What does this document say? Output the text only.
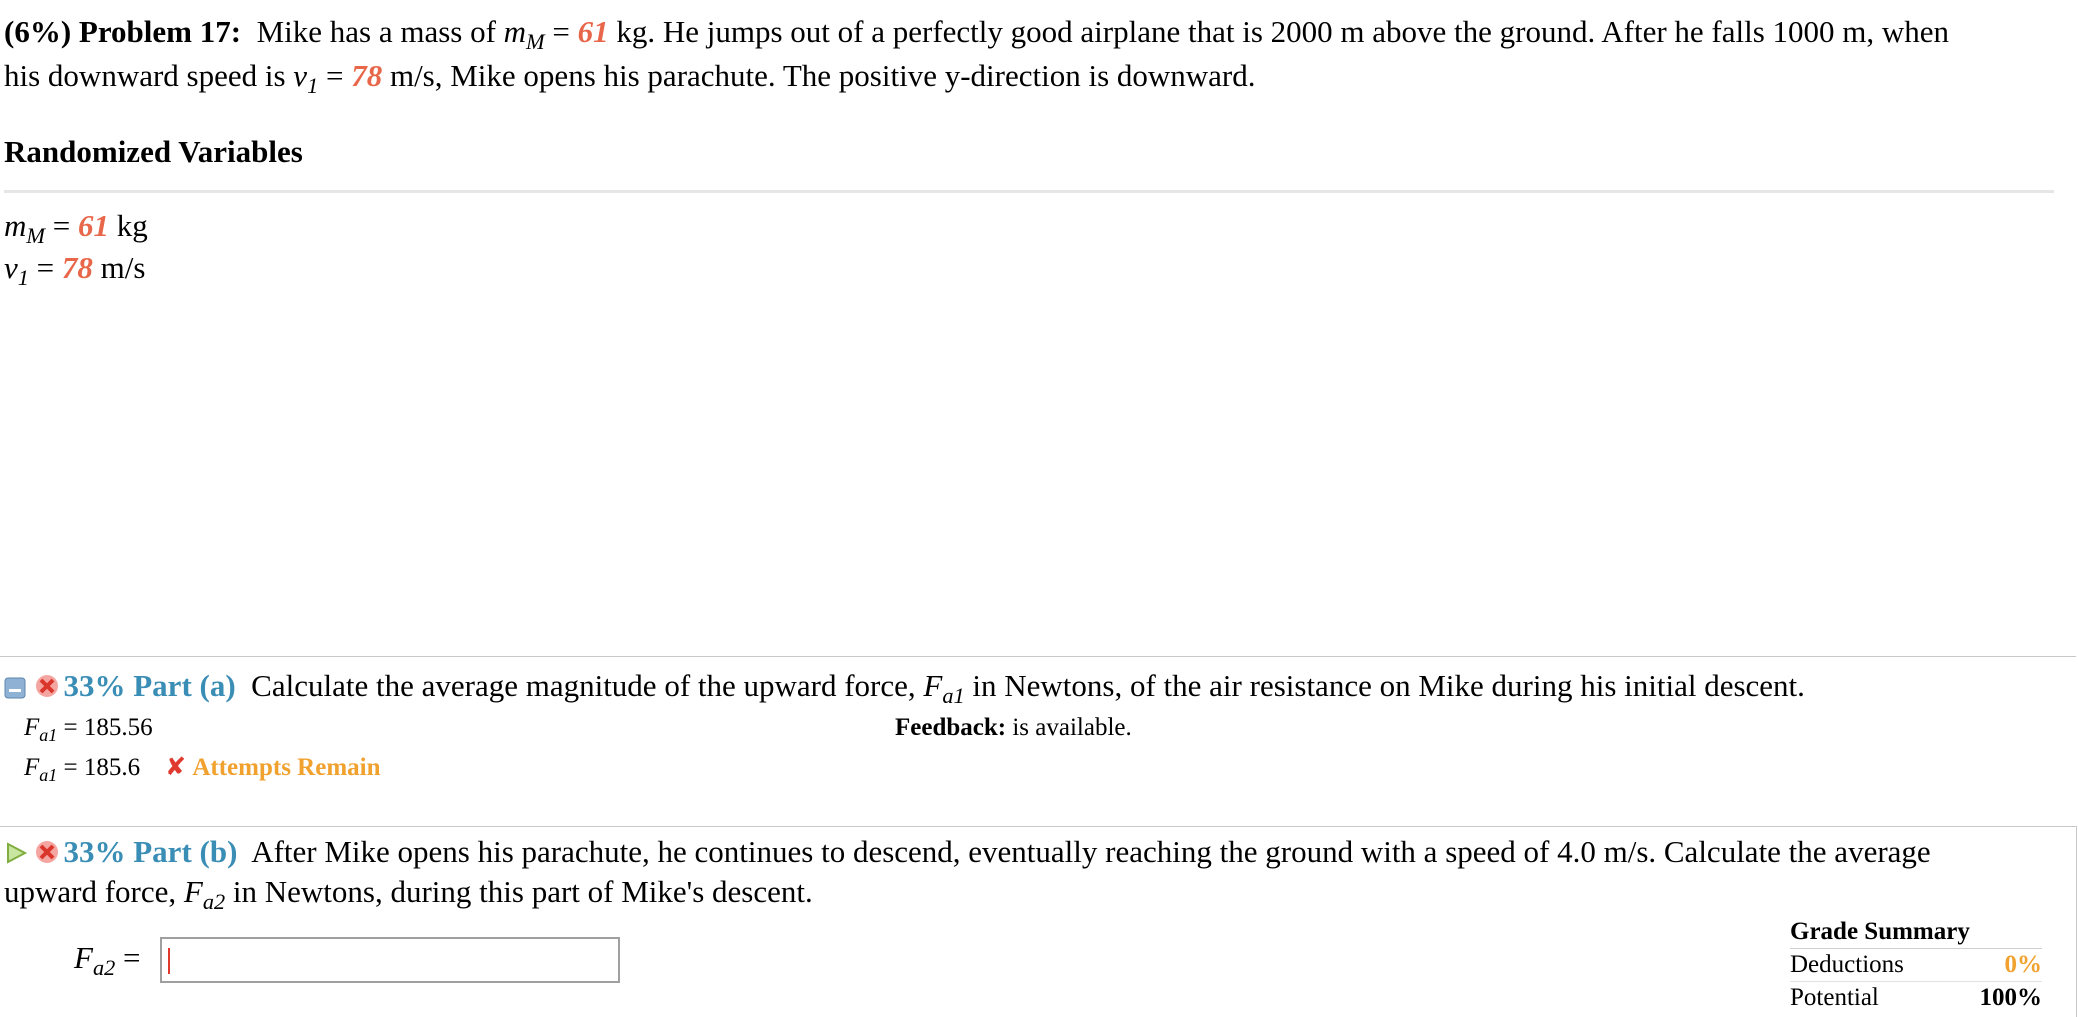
(6%) Problem 17: Mike has a mass of $m_M = 61$ kg. He jumps out of a perfectly good airplane that is 2000 m above the ground. After he falls 1000 m, when
his downward speed is $v_1 = 78$ m/s, Mike opens his parachute. The positive y-direction is downward.
Randomized Variables
$m_M = 61$ kg
$v_1 = 78$ m/s
33% Part (a) Calculate the average magnitude of the upward force, $F_{a1}$ in Newtons, of the air resistance on Mike during his initial descent.
$F_{a1} = 185.56$
$F_{a1} = 185.6$ ✘ Attempts Remain
Feedback: is available.
33% Part (b) After Mike opens his parachute, he continues to descend, eventually reaching the ground with a speed of 4.0 m/s. Calculate the average
upward force, $F_{a2}$ in Newtons, during this part of Mike's descent.
$F_{a2}$ =
Grade Summary
Deductions	0%
Potential	100%
